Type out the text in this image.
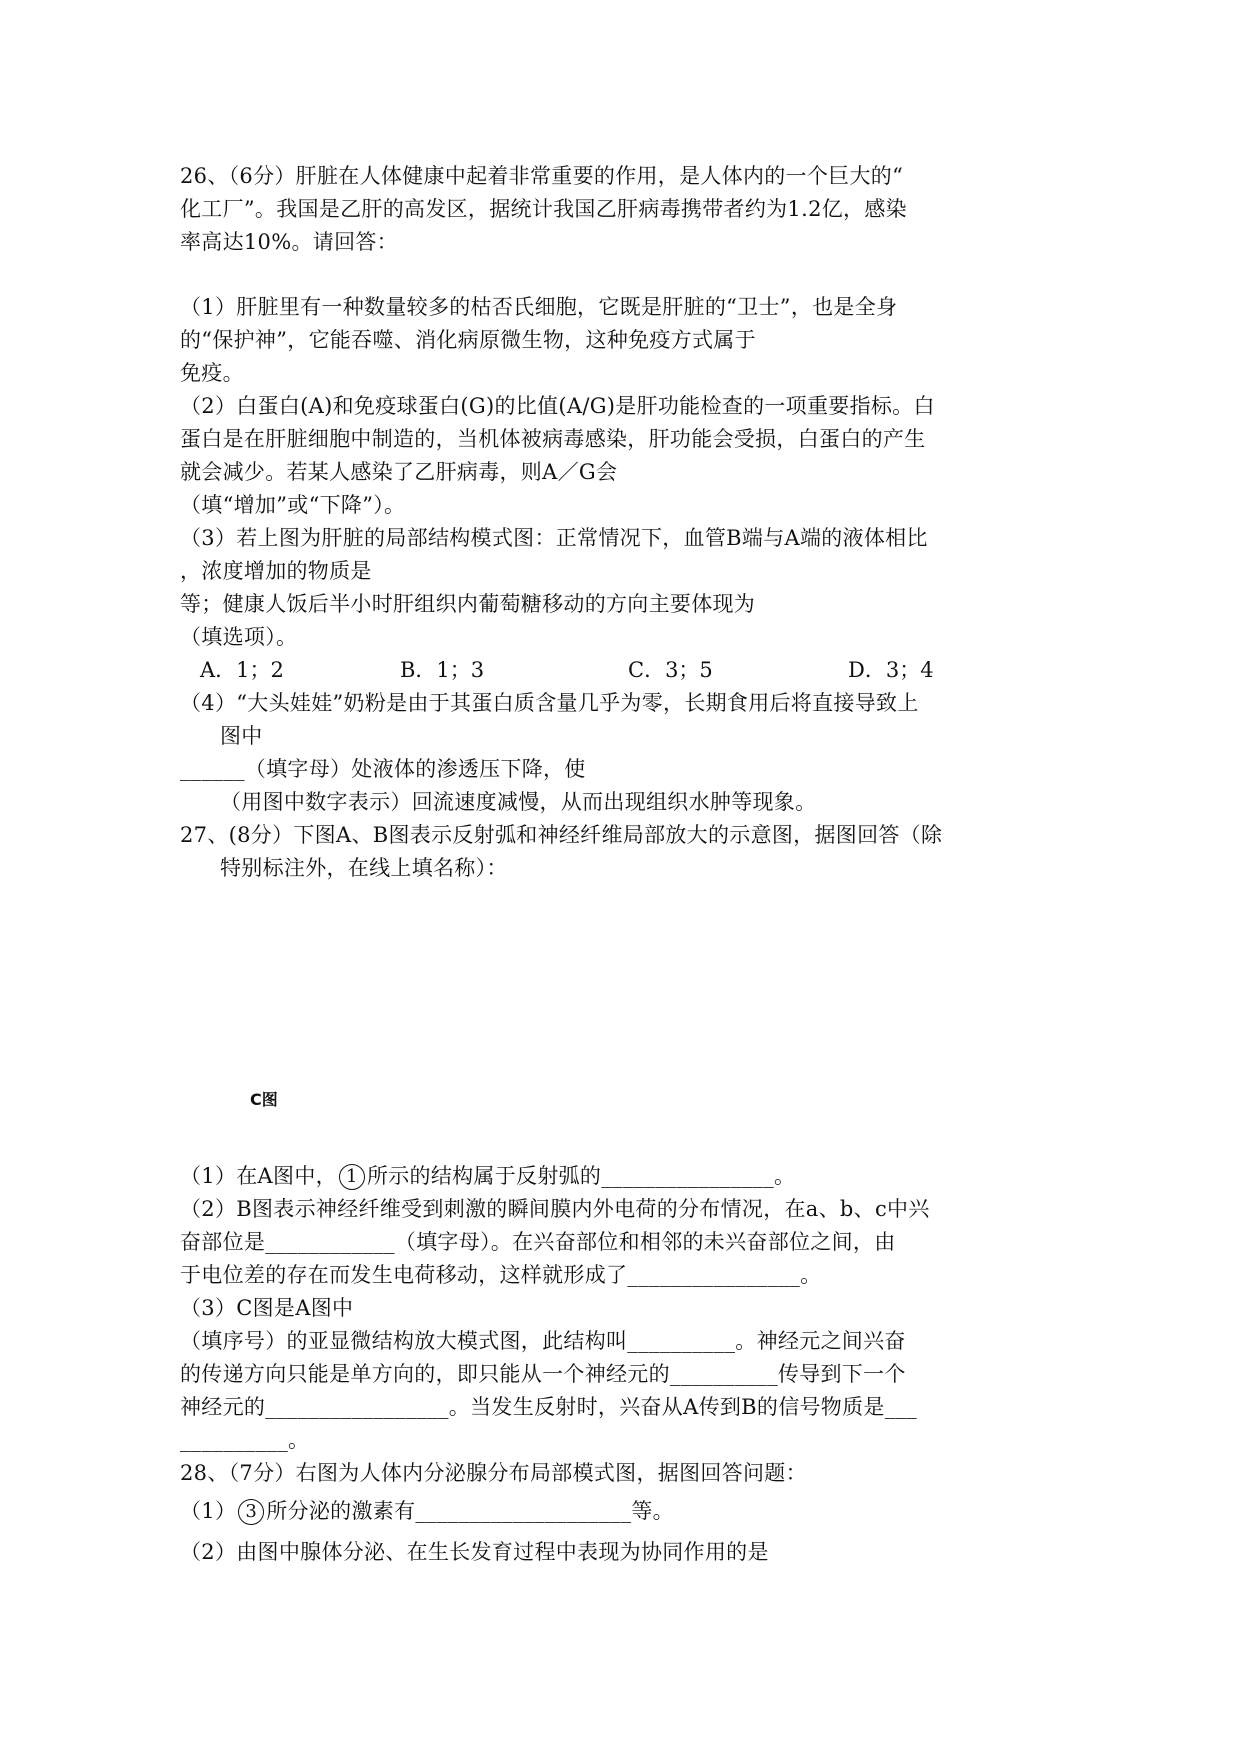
26、（6分）肝脏在人体健康中起着非常重要的作用，是人体内的一个巨大的“
化工厂”。我国是乙肝的高发区，据统计我国乙肝病毒携带者约为1.2亿，感染
率高达10%。请回答：
（1）肝脏里有一种数量较多的枯否氏细胞，它既是肝脏的“卫士”，也是全身
的“保护神”，它能吞噬、消化病原微生物，这种免疫方式属于
免疫。
（2）白蛋白(A)和免疫球蛋白(G)的比值(A/G)是肝功能检查的一项重要指标。白
蛋白是在肝脏细胞中制造的，当机体被病毒感染，肝功能会受损，白蛋白的产生
就会减少。若某人感染了乙肝病毒，则A／G会
（填“增加”或“下降”）。
（3）若上图为肝脏的局部结构模式图：正常情况下，血管B端与A端的液体相比
，浓度增加的物质是
等；健康人饭后半小时肝组织内葡萄糖移动的方向主要体现为
（填选项）。
A．1；2	B．1；3	C．3；5	D．3；4
（4）“大头娃娃”奶粉是由于其蛋白质含量几乎为零，长期食用后将直接导致上
图中
______（填字母）处液体的渗透压下降，使
（用图中数字表示）回流速度减慢，从而出现组织水肿等现象。
27、(8分）下图A、B图表示反射弧和神经纤维局部放大的示意图，据图回答（除
特别标注外，在线上填名称）：
C图
（1）在A图中， 1 所示的结构属于反射弧的________________。
（2）B图表示神经纤维受到刺激的瞬间膜内外电荷的分布情况，在a、b、c中兴
奋部位是____________（填字母）。在兴奋部位和相邻的未兴奋部位之间，由
于电位差的存在而发生电荷移动，这样就形成了________________。
（3）C图是A图中
（填序号）的亚显微结构放大模式图，此结构叫__________。神经元之间兴奋
的传递方向只能是单方向的，即只能从一个神经元的__________传导到下一个
神经元的_________________。当发生反射时，兴奋从A传到B的信号物质是___
__________。
28、（7分）右图为人体内分泌腺分布局部模式图，据图回答问题：
（1） 3 所分泌的激素有____________________等。
（2）由图中腺体分泌、在生长发育过程中表现为协同作用的是
